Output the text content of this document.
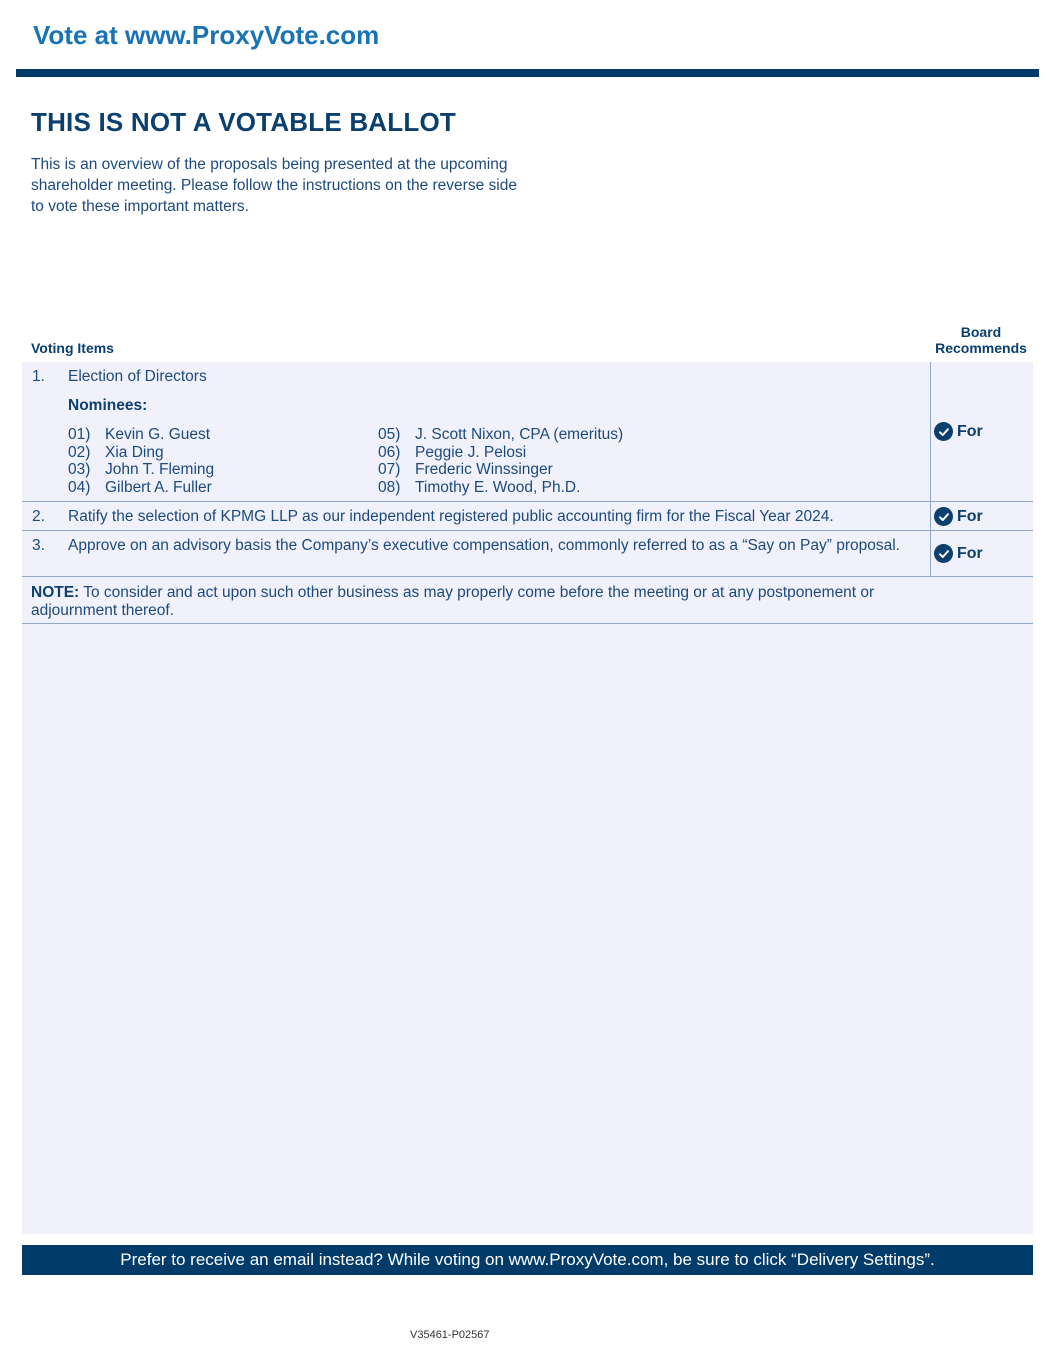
Vote at www.ProxyVote.com
THIS IS NOT A VOTABLE BALLOT
This is an overview of the proposals being presented at the upcoming shareholder meeting. Please follow the instructions on the reverse side to vote these important matters.
Voting Items
Board
Recommends
1. Election of Directors
Nominees:
01) Kevin G. Guest
02) Xia Ding
03) John T. Fleming
04) Gilbert A. Fuller
05) J. Scott Nixon, CPA (emeritus)
06) Peggie J. Pelosi
07) Frederic Winssinger
08) Timothy E. Wood, Ph.D.
For
2. Ratify the selection of KPMG LLP as our independent registered public accounting firm for the Fiscal Year 2024.	For
3. Approve on an advisory basis the Company’s executive compensation, commonly referred to as a “Say on Pay” proposal.	For
NOTE: To consider and act upon such other business as may properly come before the meeting or at any postponement or adjournment thereof.
Prefer to receive an email instead? While voting on www.ProxyVote.com, be sure to click “Delivery Settings”.
V35461-P02567
